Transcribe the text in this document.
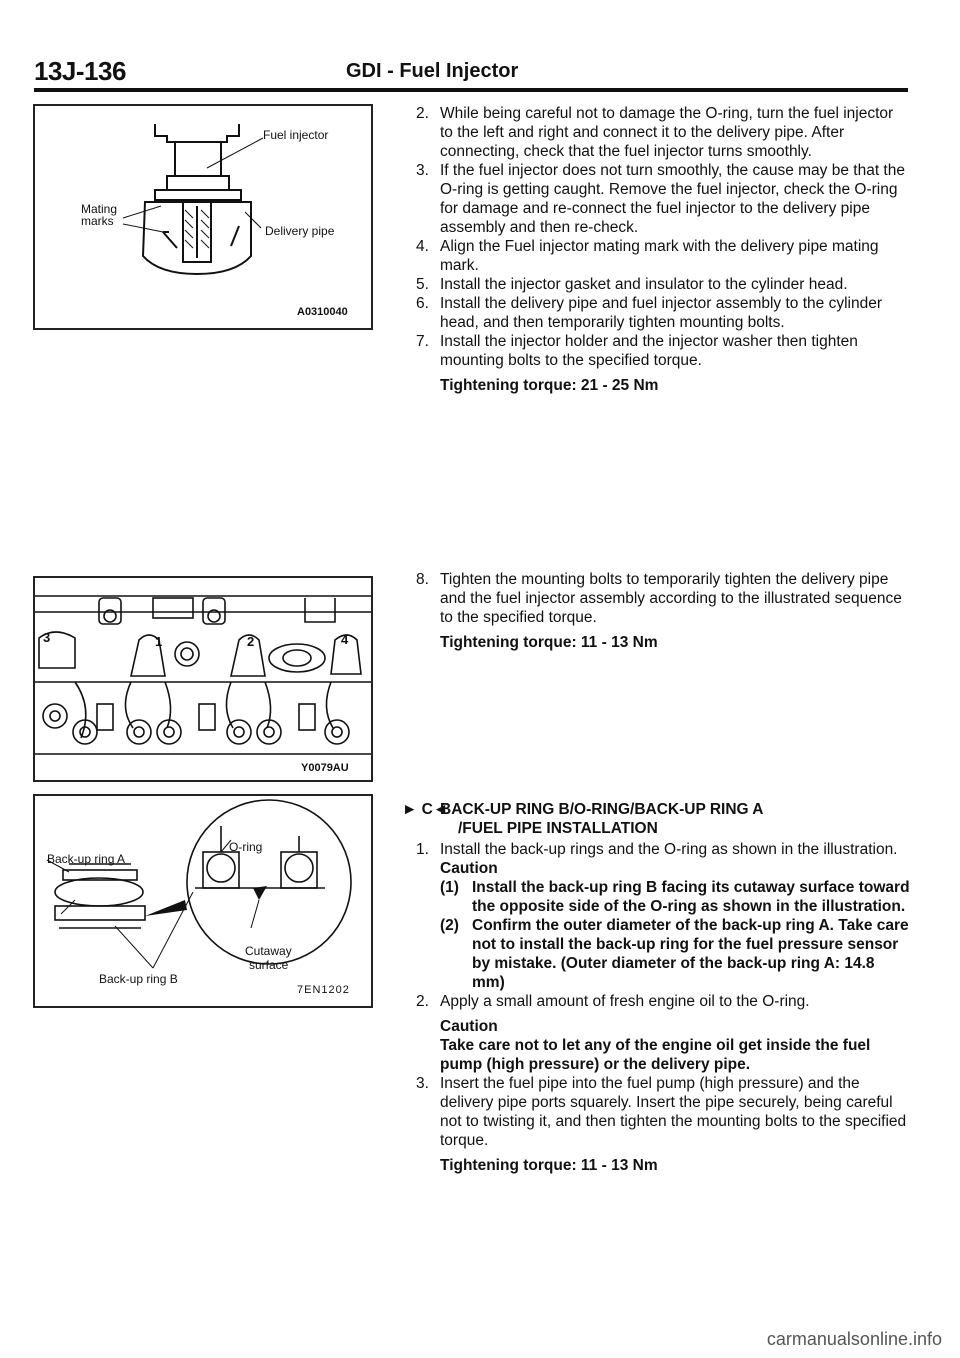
13J-136	GDI - Fuel Injector
Fuel injector
Mating
marks
Delivery pipe
A0310040
3	1	2	4
Y0079AU
Back-up ring A
O-ring
Cutaway
surface
Back-up ring B
7EN1202

2. While being careful not to damage the O-ring, turn the fuel injector to the left and right and connect it to the delivery pipe. After connecting, check that the fuel injector turns smoothly.

3. If the fuel injector does not turn smoothly, the cause may be that the O-ring is getting caught. Remove the fuel injector, check the O-ring for damage and re-connect the fuel injector to the delivery pipe assembly and then re-check.

4. Align the Fuel injector mating mark with the delivery pipe mating mark.

5. Install the injector gasket and insulator to the cylinder head.

6. Install the delivery pipe and fuel injector assembly to the cylinder head, and then temporarily tighten mounting bolts.

7. Install the injector holder and the injector washer then tighten mounting bolts to the specified torque.

Tightening torque: 21 - 25 Nm

8. Tighten the mounting bolts to temporarily tighten the delivery pipe and the fuel injector assembly according to the illustrated sequence to the specified torque.

Tightening torque: 11 - 13 Nm
► C◄
BACK-UP RING B/O-RING/BACK-UP RING A
/FUEL PIPE INSTALLATION

1. Install the back-up rings and the O-ring as shown in the illustration.

Caution
(1) Install the back-up ring B facing its cutaway surface toward the opposite side of the O-ring as shown in the illustration.
(2) Confirm the outer diameter of the back-up ring A. Take care not to install the back-up ring for the fuel pressure sensor by mistake. (Outer diameter of the back-up ring A: 14.8 mm)

2. Apply a small amount of fresh engine oil to the O-ring.

Caution
Take care not to let any of the engine oil get inside the fuel pump (high pressure) or the delivery pipe.

3. Insert the fuel pipe into the fuel pump (high pressure) and the delivery pipe ports squarely. Insert the pipe securely, being careful not to twisting it, and then tighten the mounting bolts to the specified torque.

Tightening torque: 11 - 13 Nm
carmanualsonline.info
